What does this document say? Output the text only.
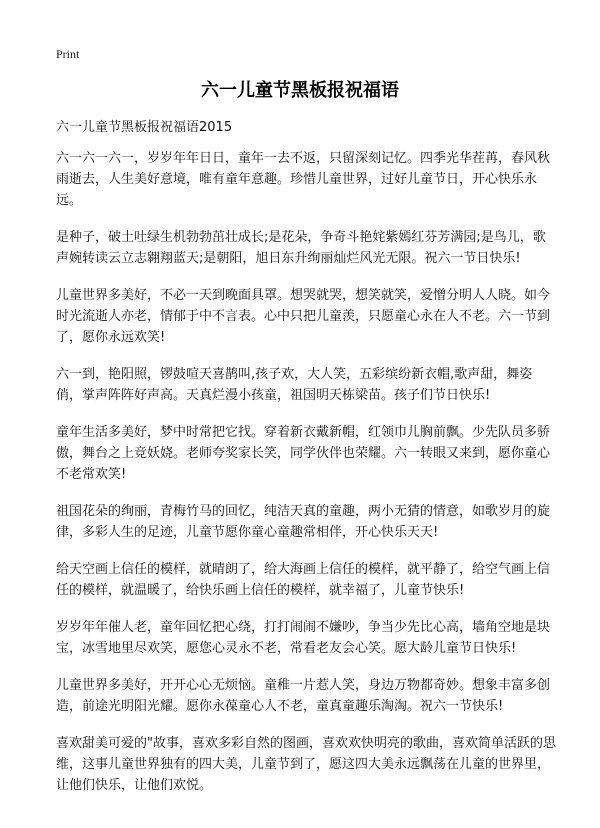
Print
六一儿童节黑板报祝福语
六一儿童节黑板报祝福语2015

六一六一六一，岁岁年年日日，童年一去不返，只留深刻记忆。四季光华茬苒，春风秋雨逝去，人生美好意境，唯有童年意趣。珍惜儿童世界，过好儿童节日，开心快乐永远。

是种子，破土吐绿生机勃勃茁壮成长;是花朵，争奇斗艳姹紫嫣红芬芳满园;是鸟儿，歌声婉转读云立志翱翔蓝天;是朝阳，旭日东升绚丽灿烂风光无限。祝六一节日快乐!

儿童世界多美好，不必一天到晚面具罩。想哭就哭，想笑就笑，爱憎分明人人晓。如今时光流逝人亦老，情郁于中不言表。心中只把儿童羡，只愿童心永在人不老。六一节到了，愿你永远欢笑!

六一到，艳阳照，锣鼓喧天喜鹊叫,孩子欢，大人笑，五彩缤纷新衣帽,歌声甜，舞姿俏，掌声阵阵好声高。天真烂漫小孩童，祖国明天栋梁苗。孩子们节日快乐!

童年生活多美好，梦中时常把它找。穿着新衣戴新帽，红领巾儿胸前飘。少先队员多骄傲，舞台之上竞妖娆。老师夸奖家长笑，同学伙伴也荣耀。六一转眼又来到，愿你童心不老常欢笑!

祖国花朵的绚丽，青梅竹马的回忆，纯洁天真的童趣，两小无猜的情意，如歌岁月的旋律，多彩人生的足迹，儿童节愿你童心童趣常相伴，开心快乐天天!

给天空画上信任的模样，就晴朗了，给大海画上信任的模样，就平静了，给空气画上信任的模样，就温暖了，给快乐画上信任的模样，就幸福了，儿童节快乐!

岁岁年年催人老，童年回忆把心绕，打打闹闹不嫌吵，争当少先比心高，墙角空地是块宝，冰雪地里尽欢笑，愿您心灵永不老，常看老友会心笑。愿大龄儿童节日快乐!

儿童世界多美好，开开心心无烦恼。童稚一片惹人笑，身边万物都奇妙。想象丰富多创造，前途光明阳光耀。愿你永葆童心人不老，童真童趣乐淘淘。祝六一节快乐!

喜欢甜美可爱的"故事，喜欢多彩自然的图画，喜欢欢快明亮的歌曲，喜欢简单活跃的思维，这事儿童世界独有的四大美，儿童节到了，愿这四大美永远飘荡在儿童的世界里，让他们快乐，让他们欢悦。
